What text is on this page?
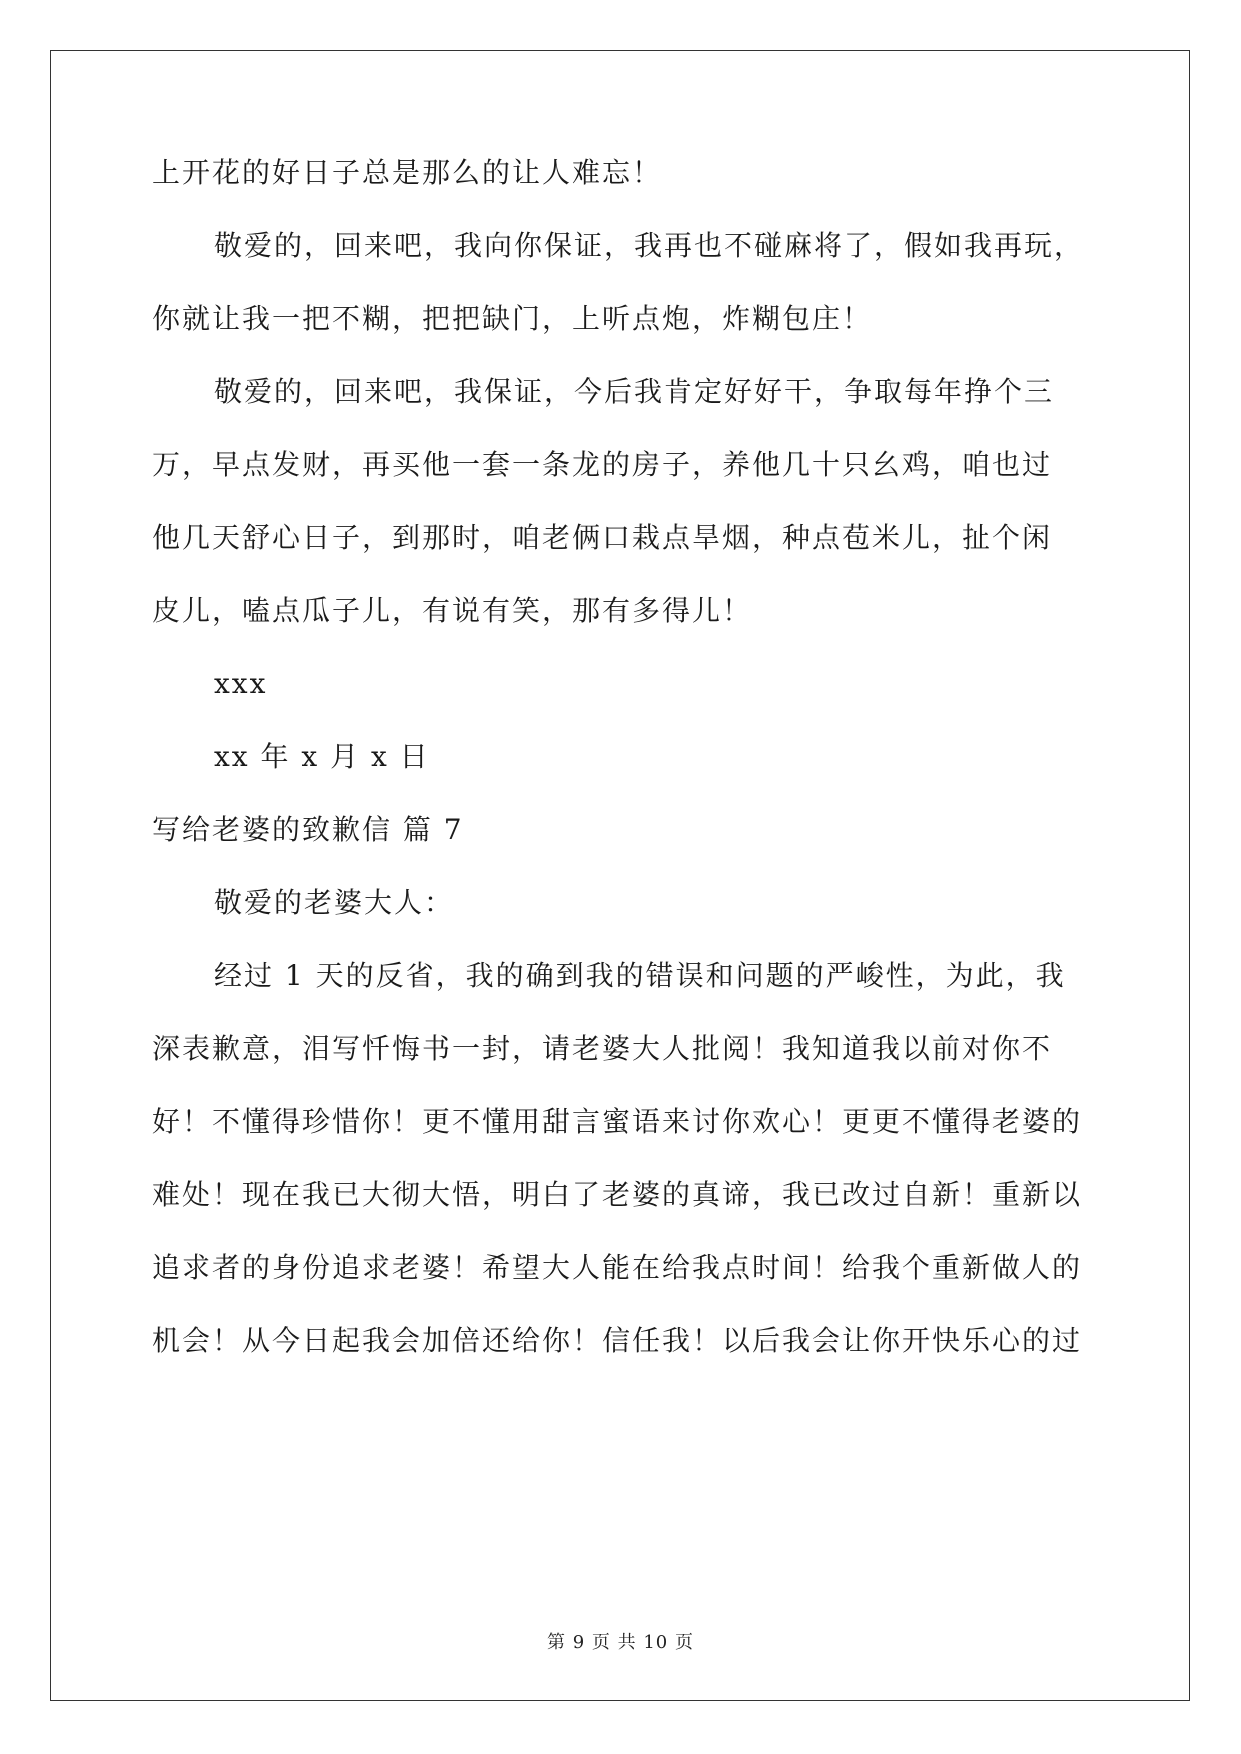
上开花的好日子总是那么的让人难忘！
敬爱的，回来吧，我向你保证，我再也不碰麻将了，假如我再玩，
你就让我一把不糊，把把缺门，上听点炮，炸糊包庄！
敬爱的，回来吧，我保证，今后我肯定好好干，争取每年挣个三
万，早点发财，再买他一套一条龙的房子，养他几十只幺鸡，咱也过
他几天舒心日子，到那时，咱老俩口栽点旱烟，种点苞米儿，扯个闲
皮儿，嗑点瓜子儿，有说有笑，那有多得儿！
xxx
xx 年 x 月 x 日
写给老婆的致歉信 篇 7
敬爱的老婆大人：
经过 1 天的反省，我的确到我的错误和问题的严峻性，为此，我
深表歉意，泪写忏悔书一封，请老婆大人批阅！我知道我以前对你不
好！不懂得珍惜你！更不懂用甜言蜜语来讨你欢心！更更不懂得老婆的
难处！现在我已大彻大悟，明白了老婆的真谛，我已改过自新！重新以
追求者的身份追求老婆！希望大人能在给我点时间！给我个重新做人的
机会！从今日起我会加倍还给你！信任我！以后我会让你开快乐心的过
第 9 页 共 10 页
